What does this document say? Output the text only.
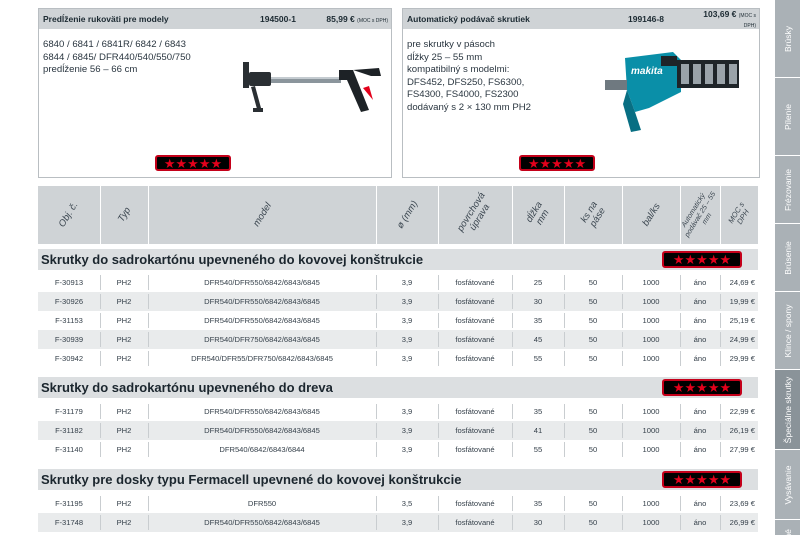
Predĺženie rukoväti pre modely	194500-1	85,99 € (MOC s DPH)
6840 / 6841 / 6841R/ 6842 / 6843
6844 / 6845/ DFR440/540/550/750
predĺženie 56 – 66 cm
★★★★★
Automatický podávač skrutiek	199146-8	103,69 € (MOC s DPH)
pre skrutky v pásoch
dĺžky 25 – 55 mm
kompatibilný s modelmi:
DFS452, DFS250, FS6300,
FS4300, FS4000, FS2300
dodávaný s 2 × 130 mm PH2
makita
★★★★★
Obj. č.	Typ	model	ø (mm)	povrchová úprava	dĺžka mm	ks na páse	bal/ks	Automatický podávač 25 – 55 mm	MOC s DPH
Skrutky do sadrokartónu upevneného do kovovej konštrukcie	★★★★★
F-30913	PH2	DFR540/DFR550/6842/6843/6845	3,9	fosfátované	25	50	1000	áno	24,69 €
F-30926	PH2	DFR540/DFR550/6842/6843/6845	3,9	fosfátované	30	50	1000	áno	19,99 €
F-31153	PH2	DFR540/DFR550/6842/6843/6845	3,9	fosfátované	35	50	1000	áno	25,19 €
F-30939	PH2	DFR540/DFR750/6842/6843/6845	3,9	fosfátované	45	50	1000	áno	24,99 €
F-30942	PH2	DFR540/DFR55/DFR750/6842/6843/6845	3,9	fosfátované	55	50	1000	áno	29,99 €
Skrutky do sadrokartónu upevneného do dreva	★★★★★
F-31179	PH2	DFR540/DFR550/6842/6843/6845	3,9	fosfátované	35	50	1000	áno	22,99 €
F-31182	PH2	DFR540/DFR550/6842/6843/6845	3,9	fosfátované	41	50	1000	áno	26,19 €
F-31140	PH2	DFR540/6842/6843/6844	3,9	fosfátované	55	50	1000	áno	27,99 €
Skrutky pre dosky typu Fermacell upevnené do kovovej konštrukcie	★★★★★
F-31195	PH2	DFR550	3,5	fosfátované	35	50	1000	áno	23,69 €
F-31748	PH2	DFR540/DFR550/6842/6843/6845	3,9	fosfátované	30	50	1000	áno	26,99 €
Brúsky
Pílenie
Frézovanie
Brúsenie
Klince / spony
Špeciálne skrutky
Vysávanie
Iné
